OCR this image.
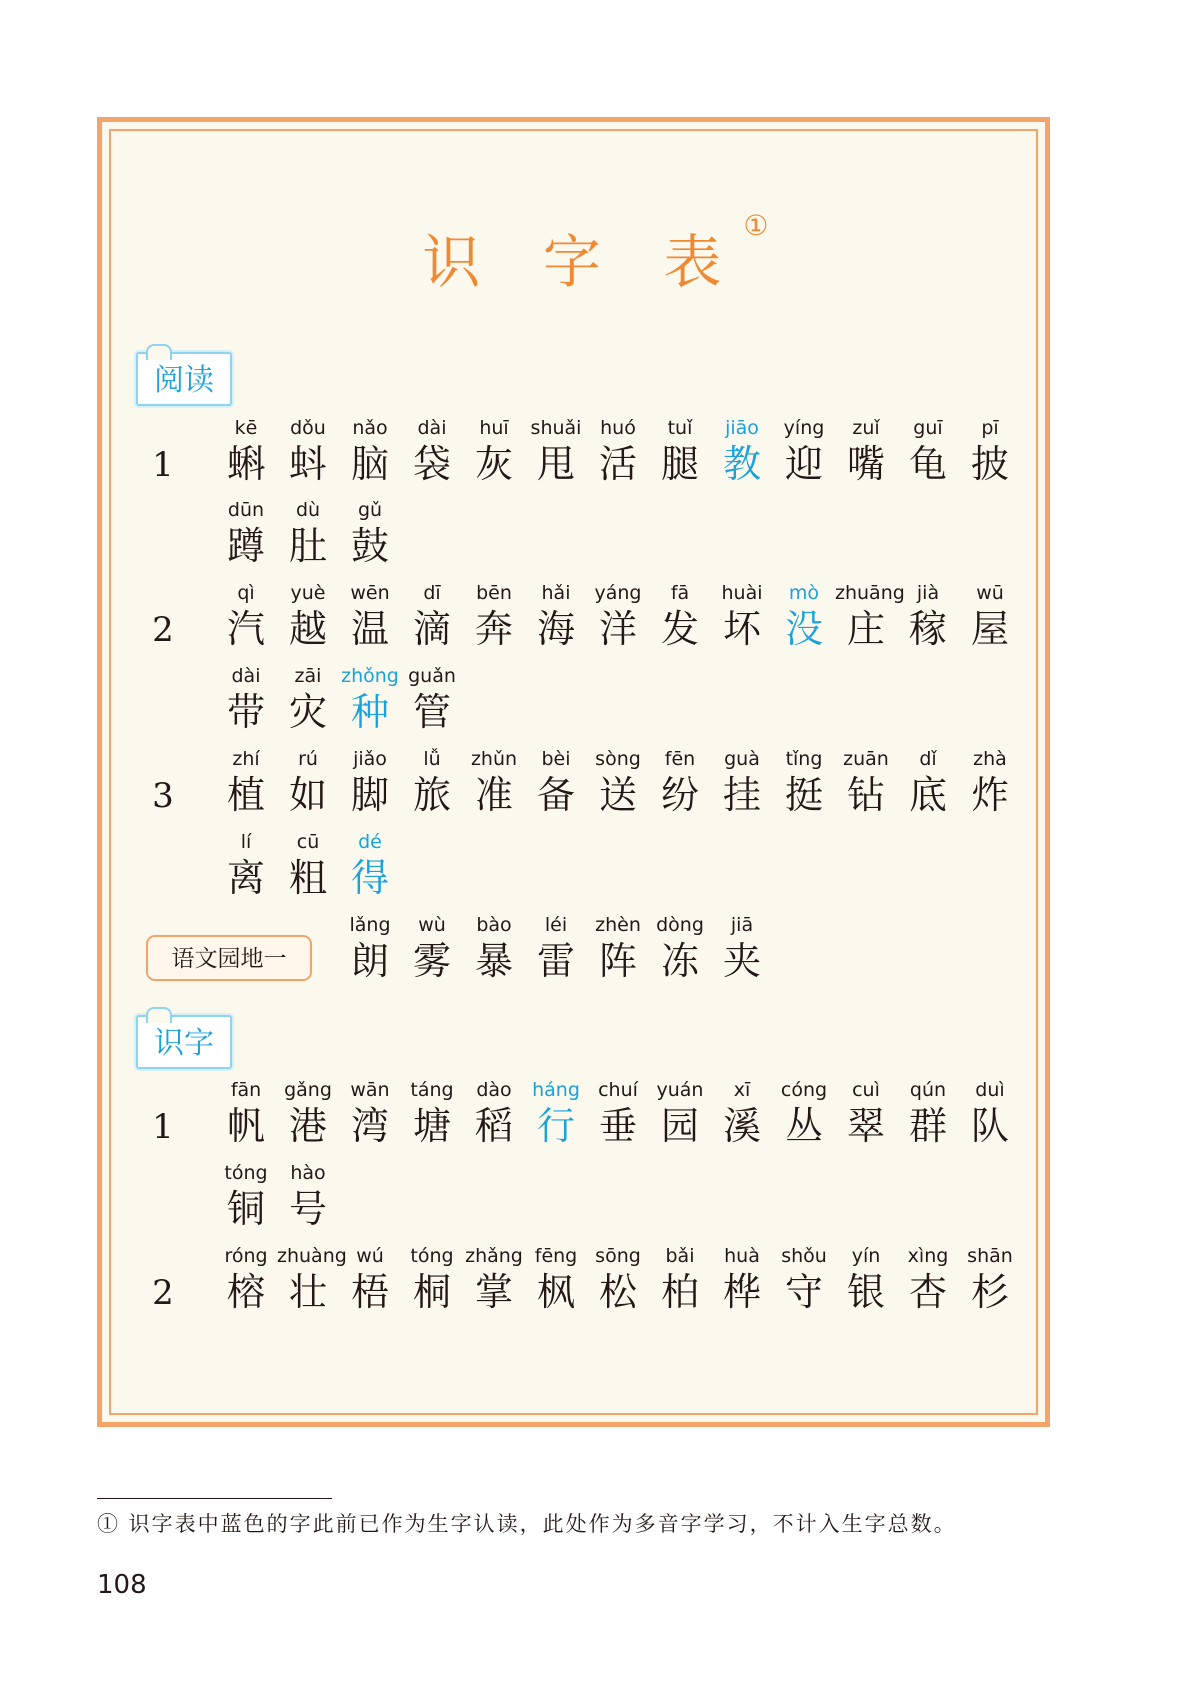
识 字 表①
阅读
识字
语文园地一
1
kē
蝌
dǒu
蚪
nǎo
脑
dài
袋
huī
灰
shuǎi
甩
huó
活
tuǐ
腿
jiāo
教
yíng
迎
zuǐ
嘴
guī
龟
pī
披
dūn
蹲
dù
肚
gǔ
鼓
2
qì
汽
yuè
越
wēn
温
dī
滴
bēn
奔
hǎi
海
yáng
洋
fā
发
huài
坏
mò
没
zhuāng
庄
jià
稼
wū
屋
dài
带
zāi
灾
zhǒng
种
guǎn
管
3
zhí
植
rú
如
jiǎo
脚
lǚ
旅
zhǔn
准
bèi
备
sòng
送
fēn
纷
guà
挂
tǐng
挺
zuān
钻
dǐ
底
zhà
炸
lí
离
cū
粗
dé
得
lǎng
朗
wù
雾
bào
暴
léi
雷
zhèn
阵
dòng
冻
jiā
夹
1
fān
帆
gǎng
港
wān
湾
táng
塘
dào
稻
háng
行
chuí
垂
yuán
园
xī
溪
cóng
丛
cuì
翠
qún
群
duì
队
tóng
铜
hào
号
2
róng
榕
zhuàng
壮
wú
梧
tóng
桐
zhǎng
掌
fēng
枫
sōng
松
bǎi
柏
huà
桦
shǒu
守
yín
银
xìng
杏
shān
杉
① 识字表中蓝色的字此前已作为生字认读，此处作为多音字学习，不计入生字总数。
108
